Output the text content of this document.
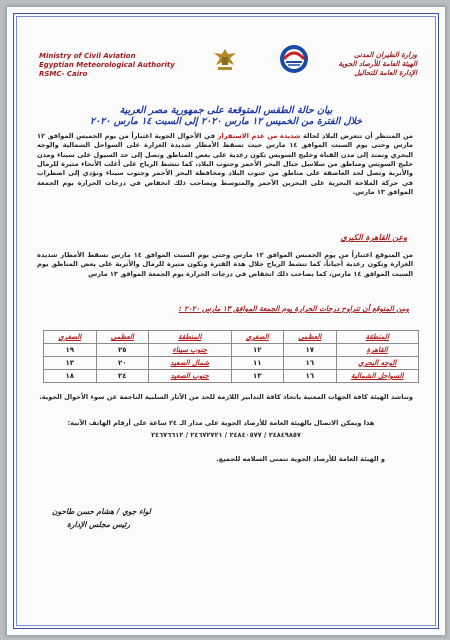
Ministry of Civil Aviation
Egyptian Meteorological Authority
RSMC- Cairo
وزارة الطيران المدنى
الهيئة العامة للأرصاد الجوية
الإدارة العامة للتحاليل
بيان حالة الطقس المتوقعة على جمهورية مصر العربية
خلال الفترة من الخميس ١٢ مارس ٢٠٢٠ إلى السبت ١٤ مارس ٢٠٢٠
من المنتظر أن تتعرض البلاد لحالة شديدة من عدم الاستقرار في الأحوال الجوية اعتباراً من يوم الخميس الموافق ١٢ مارس وحتى يوم السبت الموافق ١٤ مارس حيث تسقط الأمطار شديدة الغزارة على السواحل الشمالية والوجه البحري وتمتد إلى مدن القناة وخليج السويس تكون رعدية على بعض المناطق وتصل إلى حد السيول على سيناء ومدن خليج السويس ومناطق من سلاسل جبال البحر الأحمر وجنوب البلاد، كما تنشط الرياح على أغلب الأنحاء مثيرة للرمال والأتربة وتصل لحد العاصفة على مناطق من جنوب البلاد ومحافظة البحر الأحمر وجنوب سيناء وتؤدي إلى اضطراب في حركة الملاحة البحرية على البحرين الأحمر والمتوسط ويصاحب ذلك انخفاض في درجات الحرارة يوم الجمعة الموافق ١٣ مارس.
وعن القاهرة الكبرى
من المتوقع اعتباراً من يوم الخميس الموافق ١٢ مارس وحتى يوم السبت الموافق ١٤ مارس تسقط الأمطار شديدة الغزارة وتكون رعدية أحياناً، كما تنشط الرياح خلال هذة الفترة وتكون مثيرة للرمال والأتربة على بعض المناطق يوم السبت الموافق ١٤ مارس، كما يصاحب ذلك انخفاض في درجات الحرارة يوم الجمعة الموافق ١٣ مارس
ومن المتوقع أن تتراوح درجات الحرارة يوم الجمعة الموافق ١٣ مارس ٢٠٢٠ :
المنطقة	العظمى	الصغرى	المنطقة	العظمى	الصغرى
القاهرة	١٧	١٢	جنوب سيناء	٢٥	١٩
الوجه البحري	١٦	١١	شمال الصعيد	٢٠	١٣
السواحل الشمالية	١٦	١٣	جنوب الصعيد	٢٤	١٨
وتناشد الهيئة كافة الجهات المعنية باتخاذ كافة التدابير اللازمة للحد من الآثار السلبية الناجمة عن سوء الأحوال الجوية.
هذا ويمكن الاتصال بالهيئة العامة للأرصاد الجوية على مدار الـ ٢٤ ساعة على أرقام الهاتف الآتية:
٢٤٨٤٩٨٥٧ / ٢٤٨٤٠٥٧٧ / ٢٤٦٧٢٧٢١ / ٢٤٦٧٦٦١٢
و الهيئة العامة للأرصاد الجوية تتمنى السلامه للجميع.
لواء جوي / هشام حسن طاحون
رئيس مجلس الإدارة
